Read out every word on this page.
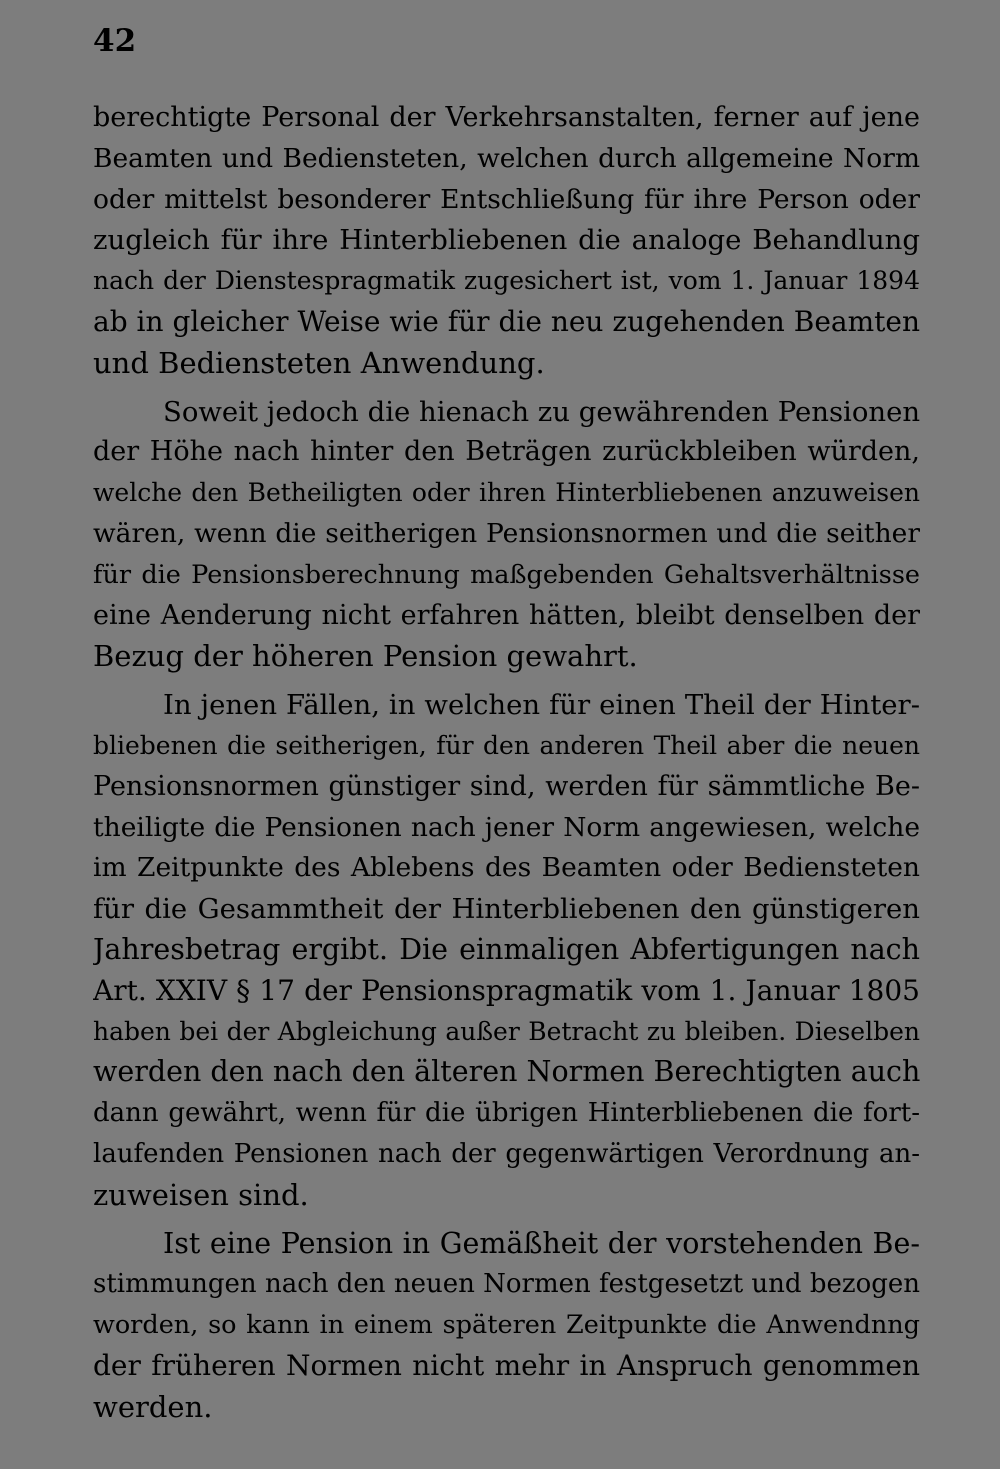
42
berechtigte Personal der Verkehrsanstalten, ferner auf jene
Beamten und Bediensteten, welchen durch allgemeine Norm
oder mittelst besonderer Entschließung für ihre Person oder
zugleich für ihre Hinterbliebenen die analoge Behandlung
nach der Dienstespragmatik zugesichert ist, vom 1. Januar 1894
ab in gleicher Weise wie für die neu zugehenden Beamten
und Bediensteten Anwendung.
Soweit jedoch die hienach zu gewährenden Pensionen
der Höhe nach hinter den Beträgen zurückbleiben würden,
welche den Betheiligten oder ihren Hinterbliebenen anzuweisen
wären, wenn die seitherigen Pensionsnormen und die seither
für die Pensionsberechnung maßgebenden Gehaltsverhältnisse
eine Aenderung nicht erfahren hätten, bleibt denselben der
Bezug der höheren Pension gewahrt.
In jenen Fällen, in welchen für einen Theil der Hinter-
bliebenen die seitherigen, für den anderen Theil aber die neuen
Pensionsnormen günstiger sind, werden für sämmtliche Be-
theiligte die Pensionen nach jener Norm angewiesen, welche
im Zeitpunkte des Ablebens des Beamten oder Bediensteten
für die Gesammtheit der Hinterbliebenen den günstigeren
Jahresbetrag ergibt. Die einmaligen Abfertigungen nach
Art. XXIV § 17 der Pensionspragmatik vom 1. Januar 1805
haben bei der Abgleichung außer Betracht zu bleiben. Dieselben
werden den nach den älteren Normen Berechtigten auch
dann gewährt, wenn für die übrigen Hinterbliebenen die fort-
laufenden Pensionen nach der gegenwärtigen Verordnung an-
zuweisen sind.
Ist eine Pension in Gemäßheit der vorstehenden Be-
stimmungen nach den neuen Normen festgesetzt und bezogen
worden, so kann in einem späteren Zeitpunkte die Anwendnng
der früheren Normen nicht mehr in Anspruch genommen
werden.
